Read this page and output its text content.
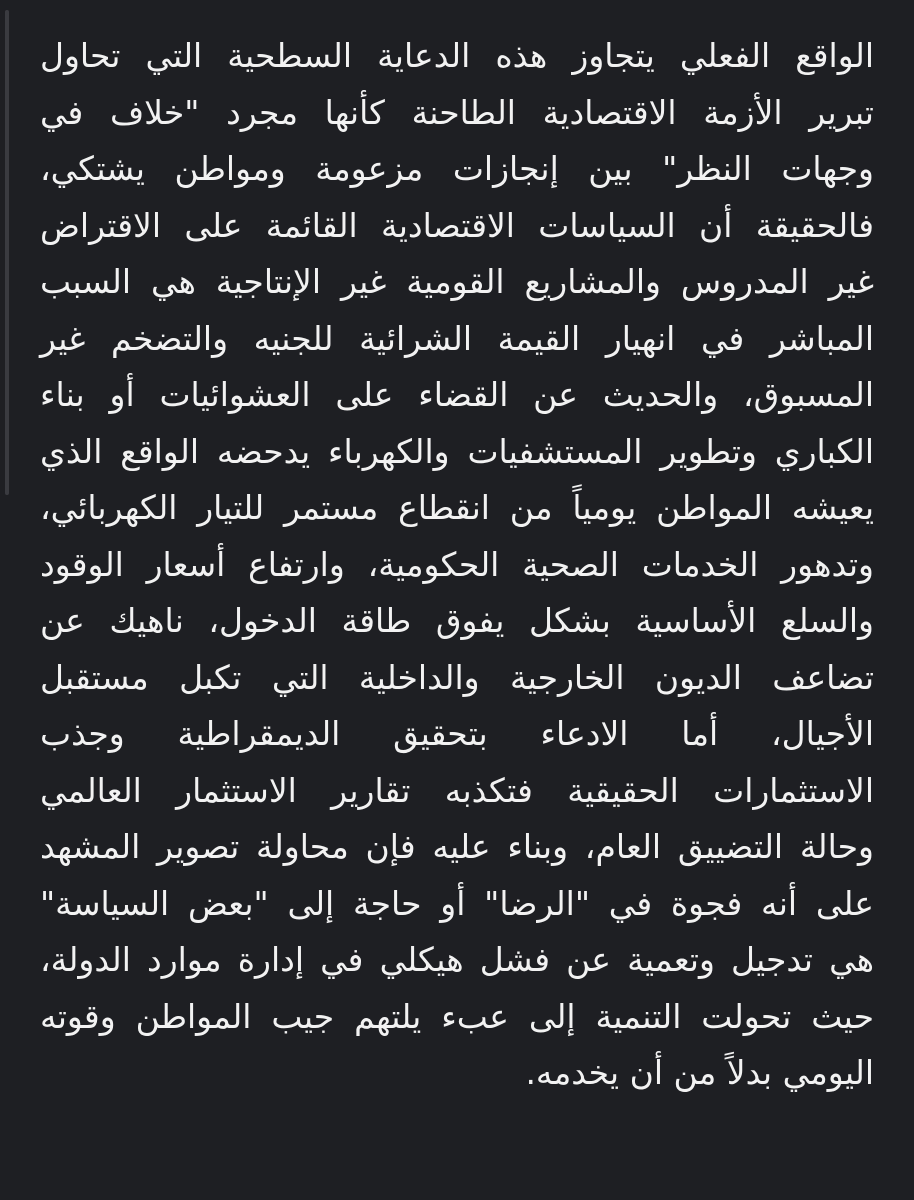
الواقع الفعلي يتجاوز هذه الدعاية السطحية التي تحاول
تبرير الأزمة الاقتصادية الطاحنة كأنها مجرد "خلاف في
وجهات النظر" بين إنجازات مزعومة ومواطن يشتكي،
فالحقيقة أن السياسات الاقتصادية القائمة على الاقتراض
غير المدروس والمشاريع القومية غير الإنتاجية هي السبب
المباشر في انهيار القيمة الشرائية للجنيه والتضخم غير
المسبوق، والحديث عن القضاء على العشوائيات أو بناء
الكباري وتطوير المستشفيات والكهرباء يدحضه الواقع الذي
يعيشه المواطن يومياً من انقطاع مستمر للتيار الكهربائي،
وتدهور الخدمات الصحية الحكومية، وارتفاع أسعار الوقود
والسلع الأساسية بشكل يفوق طاقة الدخول، ناهيك عن
تضاعف الديون الخارجية والداخلية التي تكبل مستقبل
الأجيال، أما الادعاء بتحقيق الديمقراطية وجذب
الاستثمارات الحقيقية فتكذبه تقارير الاستثمار العالمي
وحالة التضييق العام، وبناء عليه فإن محاولة تصوير المشهد
على أنه فجوة في "الرضا" أو حاجة إلى "بعض السياسة"
هي تدجيل وتعمية عن فشل هيكلي في إدارة موارد الدولة،
حيث تحولت التنمية إلى عبء يلتهم جيب المواطن وقوته
اليومي بدلاً من أن يخدمه.
